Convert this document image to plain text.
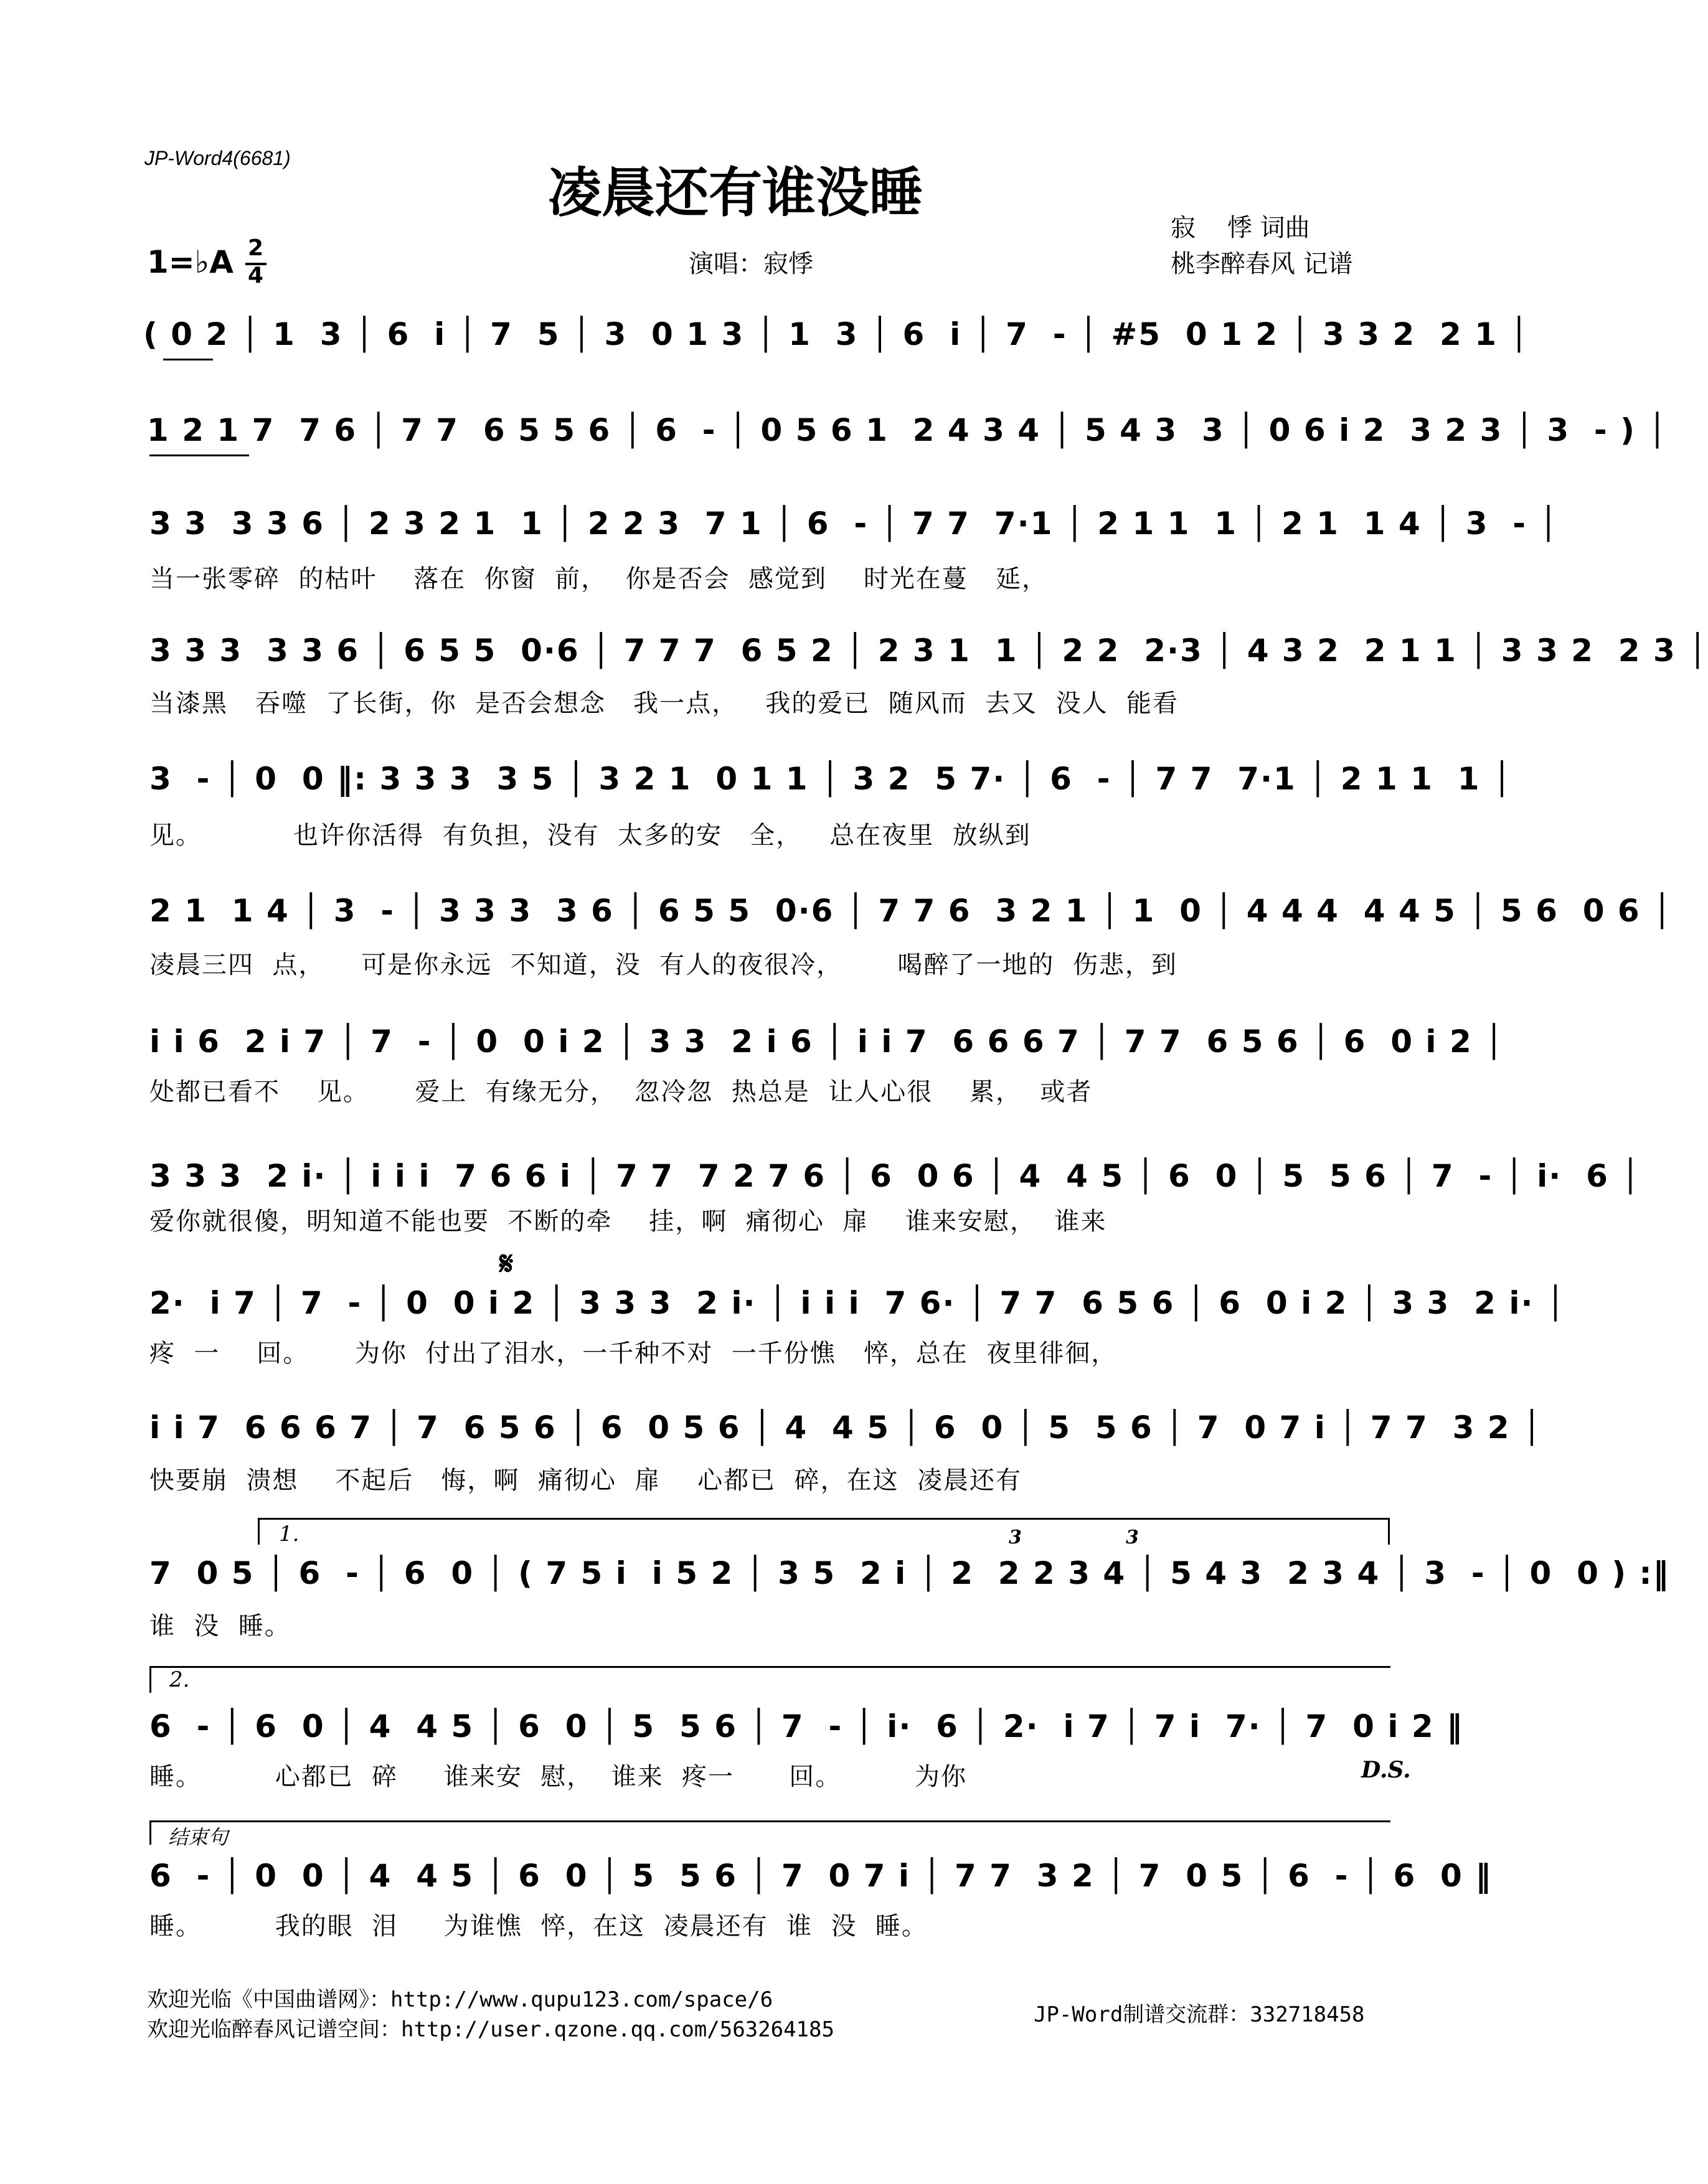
JP-Word4(6681)
凌晨还有谁没睡
寂    悸 词曲
桃李醉春风 记谱
演唱：寂悸
1=♭A 2
4
( 0 2 │ 1  3 │ 6  i │ 7  5 │ 3  0 1 3 │ 1  3 │ 6  i │ 7  - │ #5  0 1 2 │ 3 3 2  2 1 │
1 2 1 7  7 6 │ 7 7  6 5 5 6 │ 6  - │ 0 5 6 1  2 4 3 4 │ 5 4 3  3 │ 0 6 i 2  3 2 3 │ 3  - ) │
3 3  3 3 6 │ 2 3 2 1  1 │ 2 2 3  7 1 │ 6  - │ 7 7  7·1 │ 2 1 1  1 │ 2 1  1 4 │ 3  - │
当一张零碎  的枯叶    落在  你窗  前，  你是否会  感觉到    时光在蔓   延，
3 3 3  3 3 6 │ 6 5 5  0·6 │ 7 7 7  6 5 2 │ 2 3 1  1 │ 2 2  2·3 │ 4 3 2  2 1 1 │ 3 3 2  2 3 │
当漆黑   吞噬  了长街，你  是否会想念   我一点，   我的爱已  随风而  去又  没人  能看
3  - │ 0  0 ‖: 3 3 3  3 5 │ 3 2 1  0 1 1 │ 3 2  5 7· │ 6  - │ 7 7  7·1 │ 2 1 1  1 │
见。          也许你活得  有负担，没有  太多的安   全，   总在夜里  放纵到
2 1  1 4 │ 3  - │ 3 3 3  3 6 │ 6 5 5  0·6 │ 7 7 6  3 2 1 │ 1  0 │ 4 4 4  4 4 5 │ 5 6  0 6 │
凌晨三四  点，    可是你永远  不知道，没  有人的夜很冷，      喝醉了一地的  伤悲，到
i i 6  2 i 7 │ 7  - │ 0  0 i 2 │ 3 3  2 i 6 │ i i 7  6 6 6 7 │ 7 7  6 5 6 │ 6  0 i 2 │
处都已看不    见。     爱上  有缘无分，  忽冷忽  热总是  让人心很    累，  或者
3 3 3  2 i· │ i i i  7 6 6 i │ 7 7  7 2 7 6 │ 6  0 6 │ 4  4 5 │ 6  0 │ 5  5 6 │ 7  - │ i·  6 │
爱你就很傻，明知道不能也要  不断的牵    挂，啊  痛彻心  扉    谁来安慰，  谁来
𝄋
2·  i 7 │ 7  - │ 0  0 i 2 │ 3 3 3  2 i· │ i i i  7 6· │ 7 7  6 5 6 │ 6  0 i 2 │ 3 3  2 i· │
疼  一    回。     为你  付出了泪水，一千种不对  一千份憔   悴，总在  夜里徘徊，
i i 7  6 6 6 7 │ 7  6 5 6 │ 6  0 5 6 │ 4  4 5 │ 6  0 │ 5  5 6 │ 7  0 7 i │ 7 7  3 2 │
快要崩  溃想    不起后   悔，啊  痛彻心  扉    心都已  碎，在这  凌晨还有
1.	3	3
7  0 5 │ 6  - │ 6  0 │ ( 7 5 i  i 5 2 │ 3 5  2 i │ 2  2 2 3 4 │ 5 4 3  2 3 4 │ 3  - │ 0  0 ) :‖
谁  没  睡。
2.
6  - │ 6  0 │ 4  4 5 │ 6  0 │ 5  5 6 │ 7  - │ i·  6 │ 2·  i 7 │ 7 i  7· │ 7  0 i 2 ‖
睡。        心都已  碎     谁来安  慰，  谁来  疼一      回。        为你	D.S.
结束句
6  - │ 0  0 │ 4  4 5 │ 6  0 │ 5  5 6 │ 7  0 7 i │ 7 7  3 2 │ 7  0 5 │ 6  - │ 6  0 ‖
睡。        我的眼  泪     为谁憔  悴，在这  凌晨还有  谁  没  睡。
欢迎光临《中国曲谱网》：http://www.qupu123.com/space/6
欢迎光临醉春风记谱空间：http://user.qzone.qq.com/563264185
JP-Word制谱交流群：332718458
